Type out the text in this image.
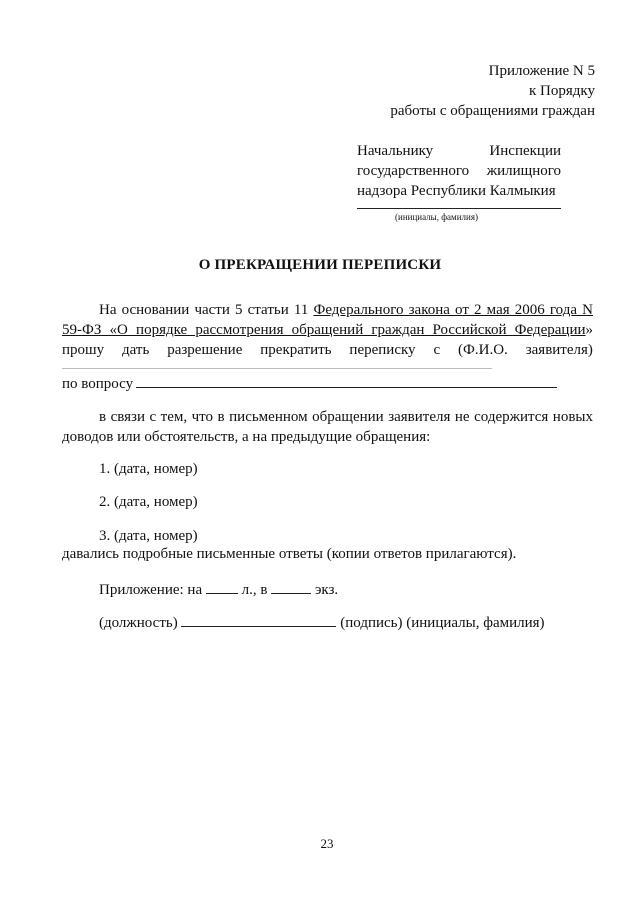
Приложение N 5
к Порядку
работы с обращениями граждан
Начальнику	Инспекции
государственного жилищного
надзора Республики Калмыкия
(инициалы, фамилия)
О ПРЕКРАЩЕНИИ ПЕРЕПИСКИ
На основании части 5 статьи 11 Федерального закона от 2 мая 2006 года N
59-ФЗ «О порядке рассмотрения обращений граждан Российской Федерации»
прошу дать разрешение прекратить переписку с (Ф.И.О. заявителя)
по вопросу
в связи с тем, что в письменном обращении заявителя не содержится новых
доводов или обстоятельств, а на предыдущие обращения:
1. (дата, номер)
2. (дата, номер)
3. (дата, номер)
давались подробные письменные ответы (копии ответов прилагаются).
Приложение: на	л., в	экз.
(должность)	(подпись) (инициалы, фамилия)
23
